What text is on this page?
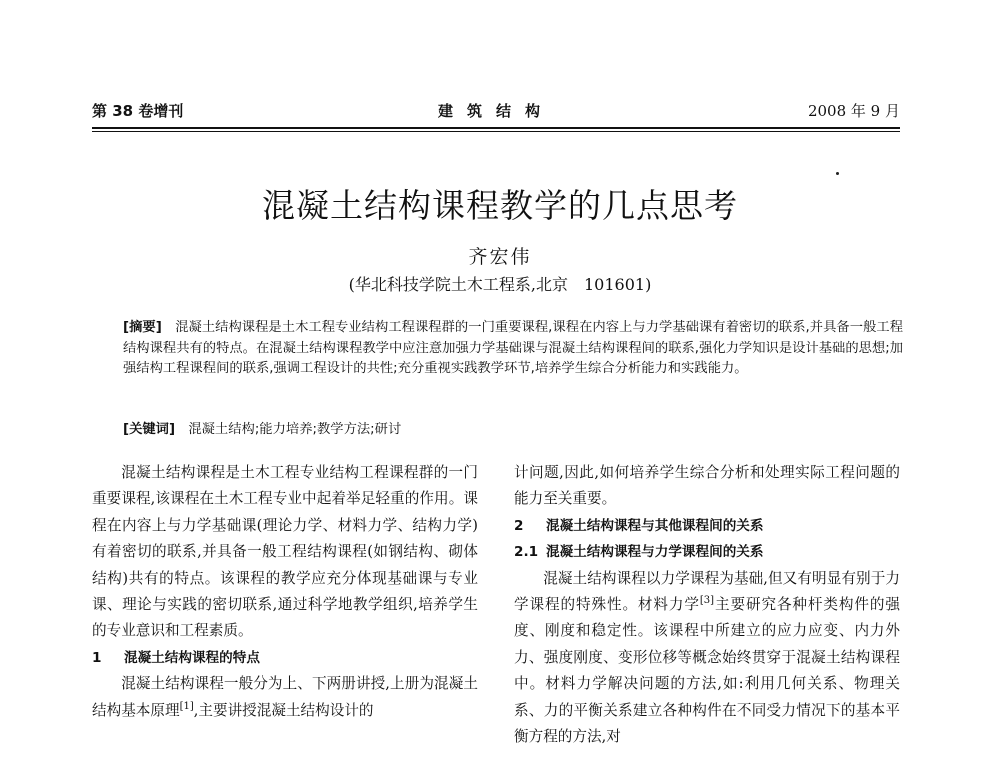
第 38 卷增刊	建筑结构	2008 年 9 月
混凝土结构课程教学的几点思考
齐宏伟
(华北科技学院土木工程系,北京　101601)
[摘要]　 混凝土结构课程是土木工程专业结构工程课程群的一门重要课程,课程在内容上与力学基础课有着密切的联系,并具备一般工程结构课程共有的特点。在混凝土结构课程教学中应注意加强力学基础课与混凝土结构课程间的联系,强化力学知识是设计基础的思想;加强结构工程课程间的联系,强调工程设计的共性;充分重视实践教学环节,培养学生综合分析能力和实践能力。
[关键词]　 混凝土结构;能力培养;教学方法;研讨

混凝土结构课程是土木工程专业结构工程课程群的一门重要课程,该课程在土木工程专业中起着举足轻重的作用。课程在内容上与力学基础课(理论力学、材料力学、结构力学)有着密切的联系,并具备一般工程结构课程(如钢结构、砌体结构)共有的特点。该课程的教学应充分体现基础课与专业课、理论与实践的密切联系,通过科学地教学组织,培养学生的专业意识和工程素质。

1 混凝土结构课程的特点

混凝土结构课程一般分为上、下两册讲授,上册为混凝土结构基本原理[1],主要讲授混凝土结构设计的

计问题,因此,如何培养学生综合分析和处理实际工程问题的能力至关重要。

2 混凝土结构课程与其他课程间的关系
2.1 混凝土结构课程与力学课程间的关系

混凝土结构课程以力学课程为基础,但又有明显有别于力学课程的特殊性。材料力学[3]主要研究各种杆类构件的强度、刚度和稳定性。该课程中所建立的应力应变、内力外力、强度刚度、变形位移等概念始终贯穿于混凝土结构课程中。材料力学解决问题的方法,如:利用几何关系、物理关系、力的平衡关系建立各种构件在不同受力情况下的基本平衡方程的方法,对
